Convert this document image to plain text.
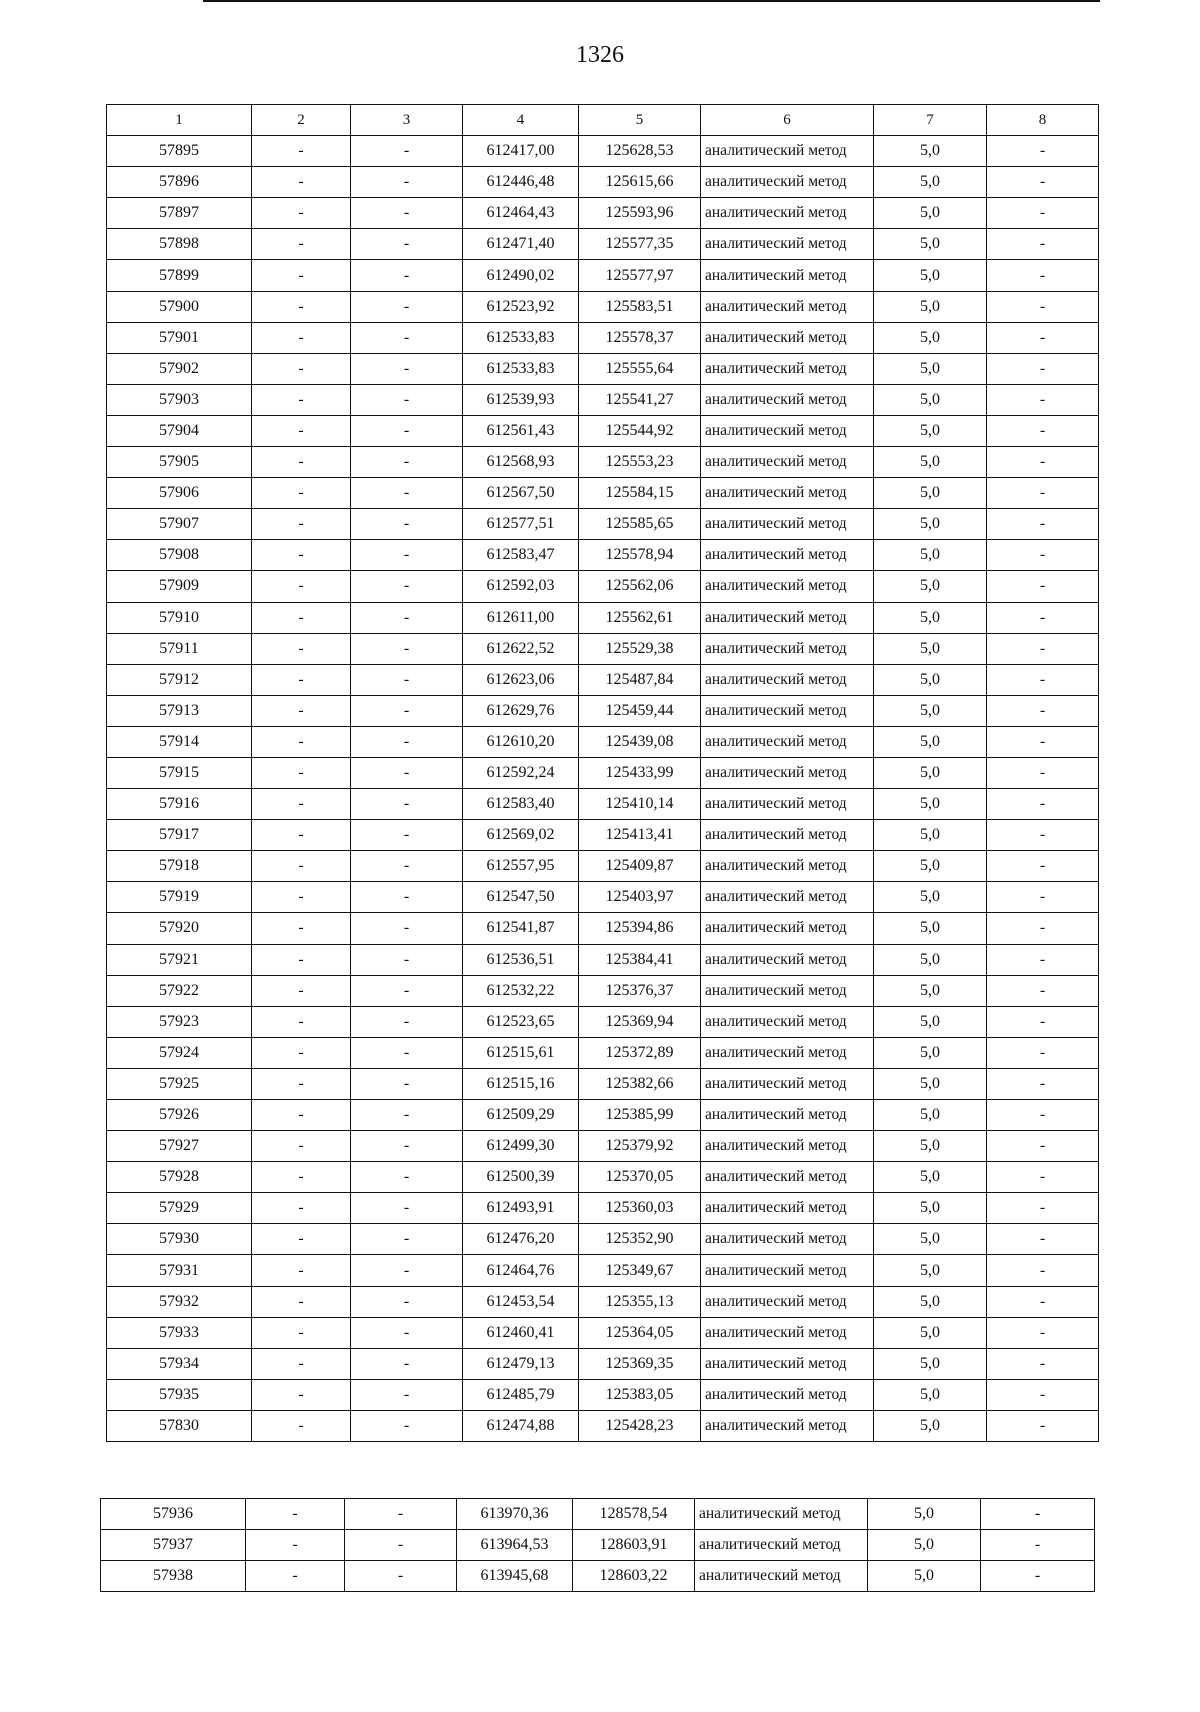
1326
1	2	3	4	5	6	7	8
57895	-	-	612417,00	125628,53	аналитический метод	5,0	-
57896	-	-	612446,48	125615,66	аналитический метод	5,0	-
57897	-	-	612464,43	125593,96	аналитический метод	5,0	-
57898	-	-	612471,40	125577,35	аналитический метод	5,0	-
57899	-	-	612490,02	125577,97	аналитический метод	5,0	-
57900	-	-	612523,92	125583,51	аналитический метод	5,0	-
57901	-	-	612533,83	125578,37	аналитический метод	5,0	-
57902	-	-	612533,83	125555,64	аналитический метод	5,0	-
57903	-	-	612539,93	125541,27	аналитический метод	5,0	-
57904	-	-	612561,43	125544,92	аналитический метод	5,0	-
57905	-	-	612568,93	125553,23	аналитический метод	5,0	-
57906	-	-	612567,50	125584,15	аналитический метод	5,0	-
57907	-	-	612577,51	125585,65	аналитический метод	5,0	-
57908	-	-	612583,47	125578,94	аналитический метод	5,0	-
57909	-	-	612592,03	125562,06	аналитический метод	5,0	-
57910	-	-	612611,00	125562,61	аналитический метод	5,0	-
57911	-	-	612622,52	125529,38	аналитический метод	5,0	-
57912	-	-	612623,06	125487,84	аналитический метод	5,0	-
57913	-	-	612629,76	125459,44	аналитический метод	5,0	-
57914	-	-	612610,20	125439,08	аналитический метод	5,0	-
57915	-	-	612592,24	125433,99	аналитический метод	5,0	-
57916	-	-	612583,40	125410,14	аналитический метод	5,0	-
57917	-	-	612569,02	125413,41	аналитический метод	5,0	-
57918	-	-	612557,95	125409,87	аналитический метод	5,0	-
57919	-	-	612547,50	125403,97	аналитический метод	5,0	-
57920	-	-	612541,87	125394,86	аналитический метод	5,0	-
57921	-	-	612536,51	125384,41	аналитический метод	5,0	-
57922	-	-	612532,22	125376,37	аналитический метод	5,0	-
57923	-	-	612523,65	125369,94	аналитический метод	5,0	-
57924	-	-	612515,61	125372,89	аналитический метод	5,0	-
57925	-	-	612515,16	125382,66	аналитический метод	5,0	-
57926	-	-	612509,29	125385,99	аналитический метод	5,0	-
57927	-	-	612499,30	125379,92	аналитический метод	5,0	-
57928	-	-	612500,39	125370,05	аналитический метод	5,0	-
57929	-	-	612493,91	125360,03	аналитический метод	5,0	-
57930	-	-	612476,20	125352,90	аналитический метод	5,0	-
57931	-	-	612464,76	125349,67	аналитический метод	5,0	-
57932	-	-	612453,54	125355,13	аналитический метод	5,0	-
57933	-	-	612460,41	125364,05	аналитический метод	5,0	-
57934	-	-	612479,13	125369,35	аналитический метод	5,0	-
57935	-	-	612485,79	125383,05	аналитический метод	5,0	-
57830	-	-	612474,88	125428,23	аналитический метод	5,0	-
57936	-	-	613970,36	128578,54	аналитический метод	5,0	-
57937	-	-	613964,53	128603,91	аналитический метод	5,0	-
57938	-	-	613945,68	128603,22	аналитический метод	5,0	-
